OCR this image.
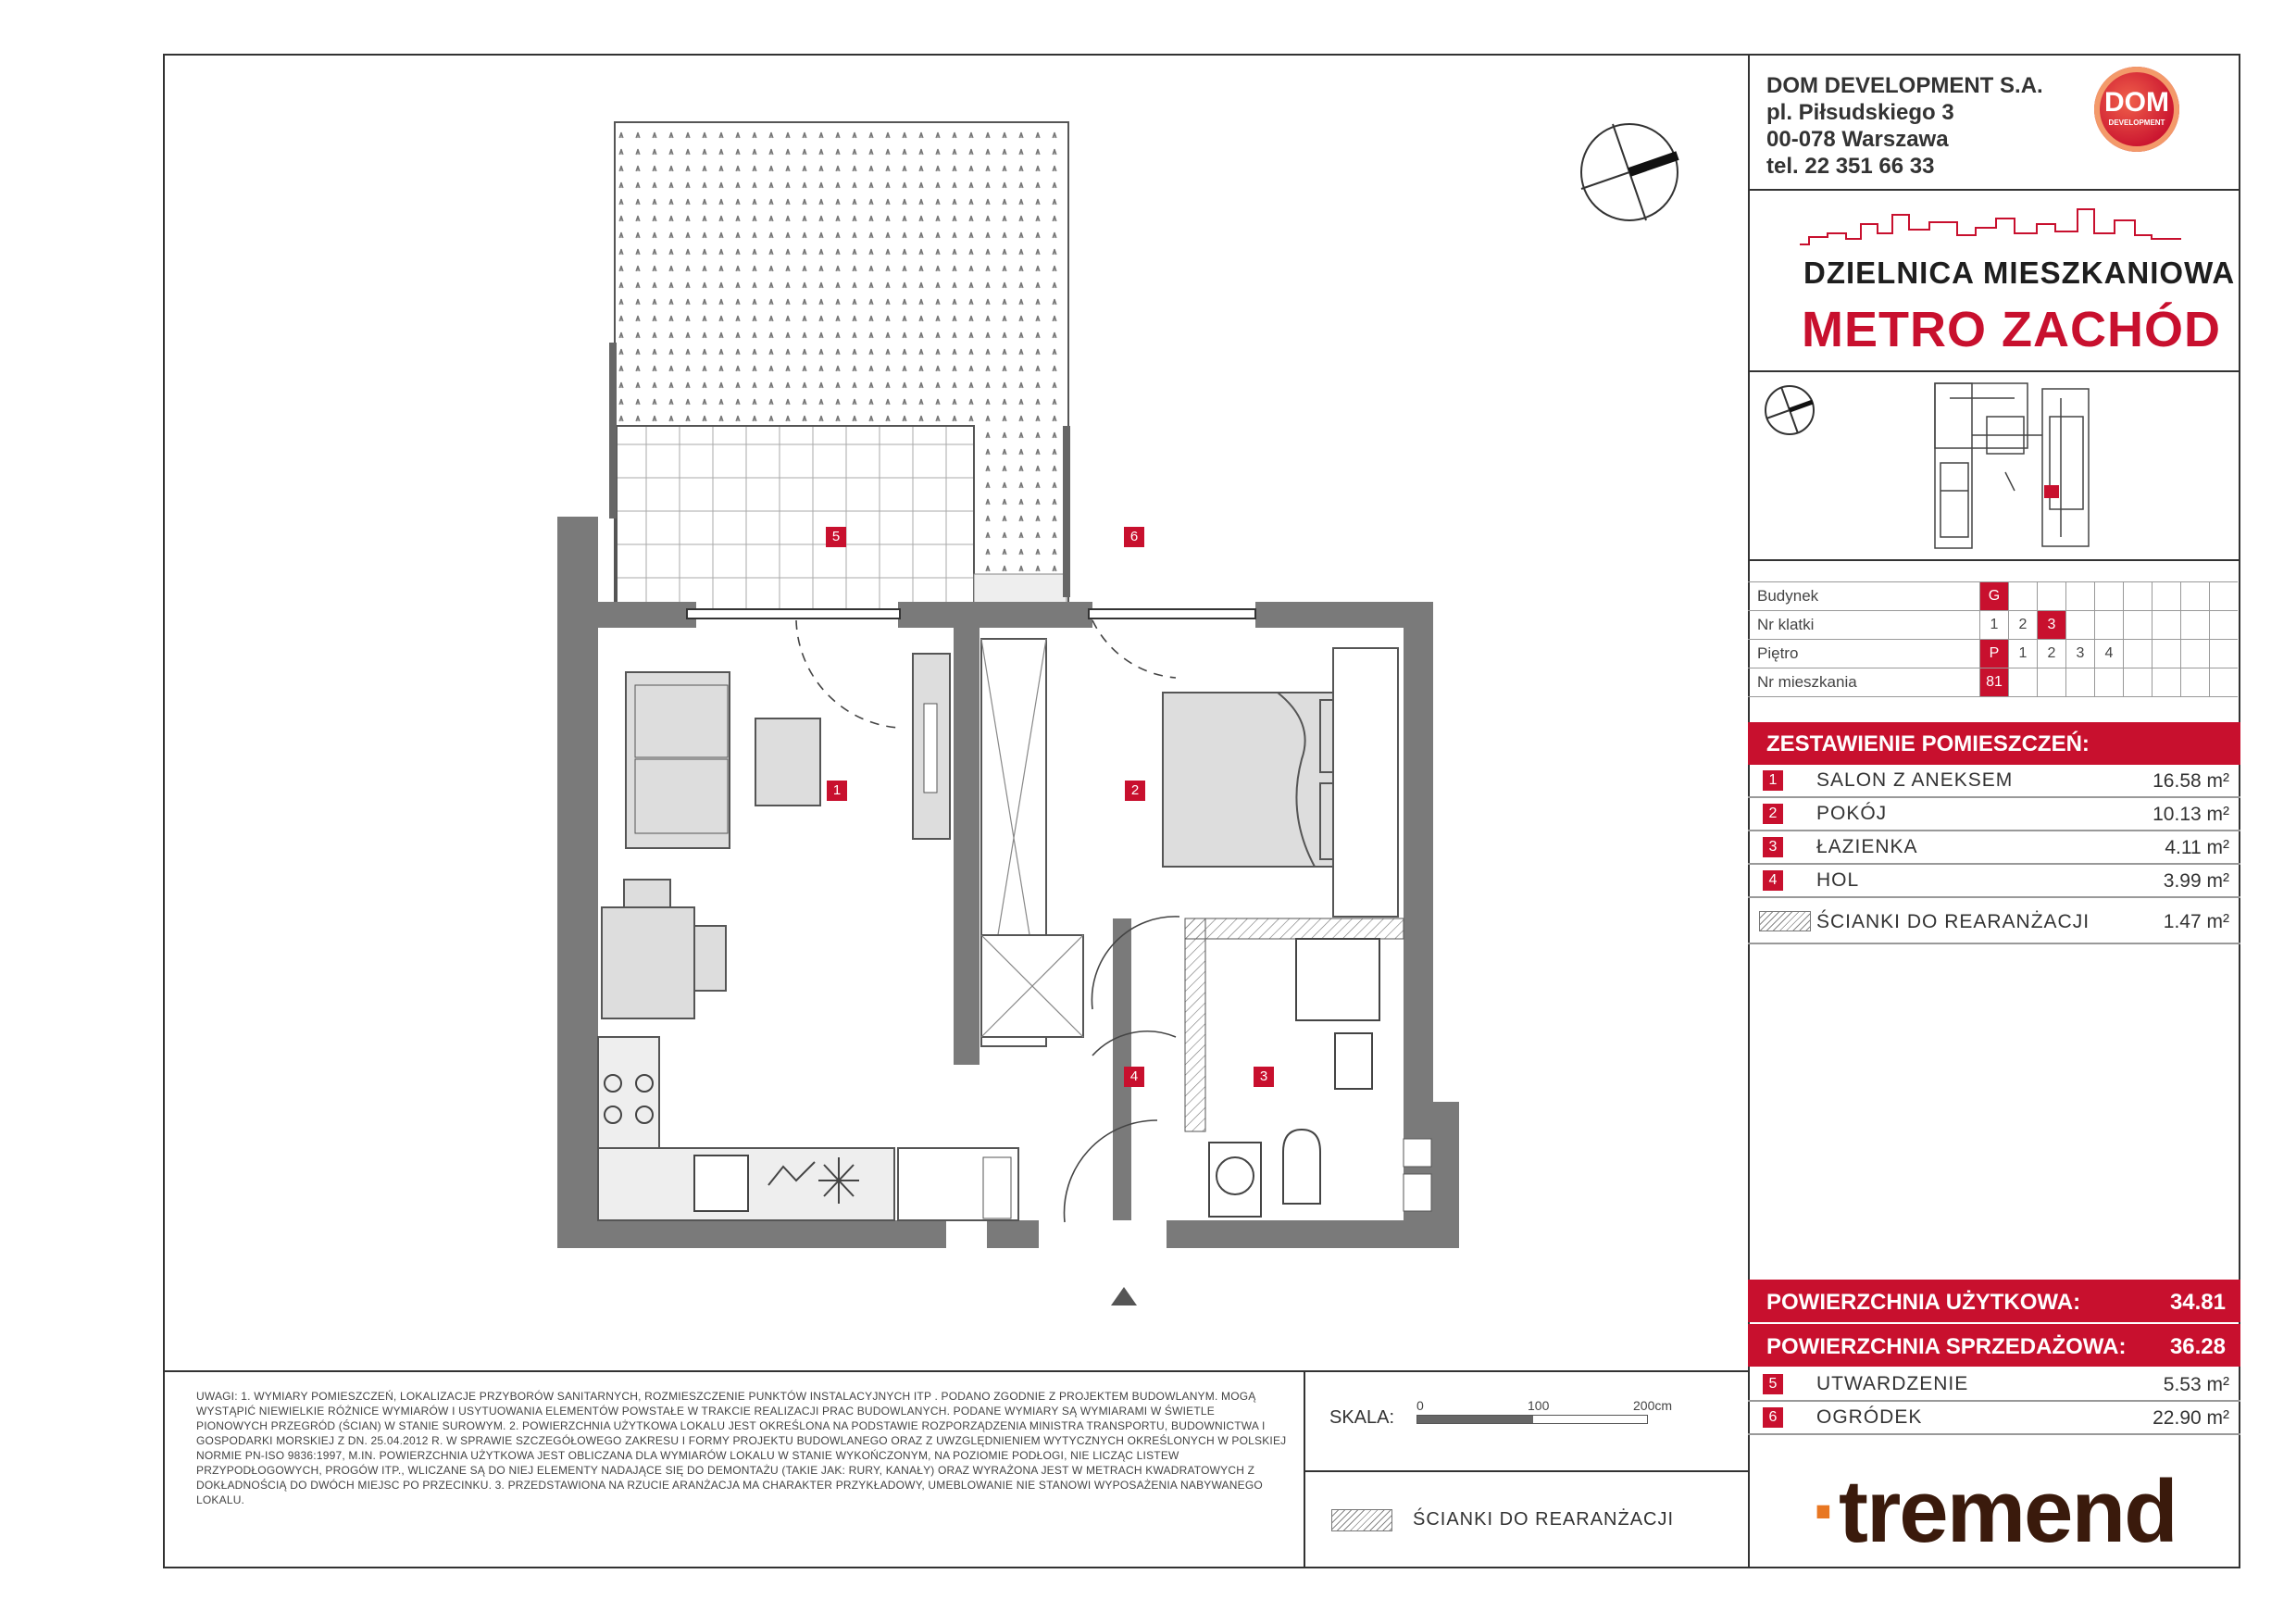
DOM DEVELOPMENT S.A.
pl. Piłsudskiego 3
00-078 Warszawa
tel. 22 351 66 33
DOM
DEVELOPMENT
DZIELNICA MIESZKANIOWA
METRO ZACHÓD
Budynek	G								
Nr klatki	1	2	3						
Piętro	P	1	2	3	4				
Nr mieszkania	81								
ZESTAWIENIE POMIESZCZEŃ:
1	SALON Z ANEKSEM	16.58 m²
2	POKÓJ	10.13 m²
3	ŁAZIENKA	4.11 m²
4	HOL	3.99 m²
ŚCIANKI DO REARANŻACJI	1.47 m²
POWIERZCHNIA UŻYTKOWA:	34.81
POWIERZCHNIA SPRZEDAŻOWA: 36.28
5	UTWARDZENIE	5.53 m²
6	OGRÓDEK	22.90 m²
·tremend
UWAGI: 1. WYMIARY POMIESZCZEŃ, LOKALIZACJE PRZYBORÓW SANITARNYCH, ROZMIESZCZENIE PUNKTÓW INSTALACYJNYCH ITP . PODANO ZGODNIE Z PROJEKTEM BUDOWLANYM. MOGĄ WYSTĄPIĆ NIEWIELKIE RÓŻNICE WYMIARÓW I USYTUOWANIA ELEMENTÓW POWSTAŁE W TRAKCIE REALIZACJI PRAC BUDOWLANYCH. PODANE WYMIARY SĄ WYMIARAMI W ŚWIETLE PIONOWYCH PRZEGRÓD (ŚCIAN) W STANIE SUROWYM. 2. POWIERZCHNIA UŻYTKOWA LOKALU JEST OKREŚLONA NA PODSTAWIE ROZPORZĄDZENIA MINISTRA TRANSPORTU, BUDOWNICTWA I GOSPODARKI MORSKIEJ Z DN. 25.04.2012 R. W SPRAWIE SZCZEGÓŁOWEGO ZAKRESU I FORMY PROJEKTU BUDOWLANEGO ORAZ Z UWZGLĘDNIENIEM WYTYCZNYCH OKREŚLONYCH W POLSKIEJ NORMIE PN-ISO 9836:1997, M.IN. POWIERZCHNIA UŻYTKOWA JEST OBLICZANA DLA WYMIARÓW LOKALU W STANIE WYKOŃCZONYM, NA POZIOMIE PODŁOGI, NIE LICZĄC LISTEW PRZYPODŁOGOWYCH, PROGÓW ITP., WLICZANE SĄ DO NIEJ ELEMENTY NADAJĄCE SIĘ DO DEMONTAŻU (TAKIE JAK: RURY, KANAŁY) ORAZ WYRAŻONA JEST W METRACH KWADRATOWYCH Z DOKŁADNOŚCIĄ DO DWÓCH MIEJSC PO PRZECINKU. 3. PRZEDSTAWIONA NA RZUCIE ARANŻACJA MA CHARAKTER PRZYKŁADOWY, UMEBLOWANIE NIE STANOWI WYPOSAŻENIA NABYWANEGO LOKALU.
SKALA:
0	100	200cm
ŚCIANKI DO REARANŻACJI
1	2
3
4
5	6
